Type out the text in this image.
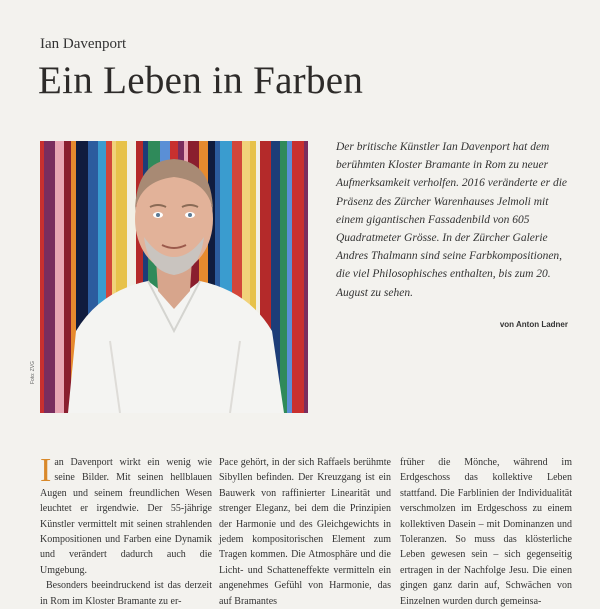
Ian Davenport
Ein Leben in Farben
Foto: ZVG
Der britische Künstler Ian Davenport hat dem berühmten Kloster Bramante in Rom zu neuer Aufmerksamkeit verholfen. 2016 veränderte er die Präsenz des Zürcher Warenhauses Jelmoli mit einem gigantischen Fassadenbild von 605 Quadratmeter Grösse. In der Zürcher Galerie Andres Thalmann sind seine Farbkompositionen, die viel Philosophisches enthalten, bis zum 20. August zu sehen.
von Anton Ladner

Ian Davenport wirkt ein wenig wie seine Bilder. Mit seinen hellblauen Augen und seinem freundlichen Wesen leuchtet er irgendwie. Der 55-jährige Künstler vermittelt mit seinen strahlenden Kompositionen und Farben eine Dynamik und verändert dadurch auch die Umgebung.

Besonders beeindruckend ist das derzeit in Rom im Kloster Bramante zu er-

Pace gehört, in der sich Raffaels berühmte Sibyllen befinden. Der Kreuzgang ist ein Bauwerk von raffinierter Linearität und strenger Eleganz, bei dem die Prinzipien der Harmonie und des Gleichgewichts in jedem kompositorischen Element zum Tragen kommen. Die Atmosphäre und die Licht- und Schatteneffekte vermitteln ein angenehmes Gefühl von Harmonie, das auf Bramantes

früher die Mönche, während im Erdgeschoss das kollektive Leben stattfand. Die Farblinien der Individualität verschmolzen im Erdgeschoss zu einem kollektiven Dasein – mit Dominanzen und Toleranzen. So muss das klösterliche Leben gewesen sein – sich gegenseitig ertragen in der Nachfolge Jesu. Die einen gingen ganz darin auf, Schwächen von Einzelnen wurden durch gemeinsa-
